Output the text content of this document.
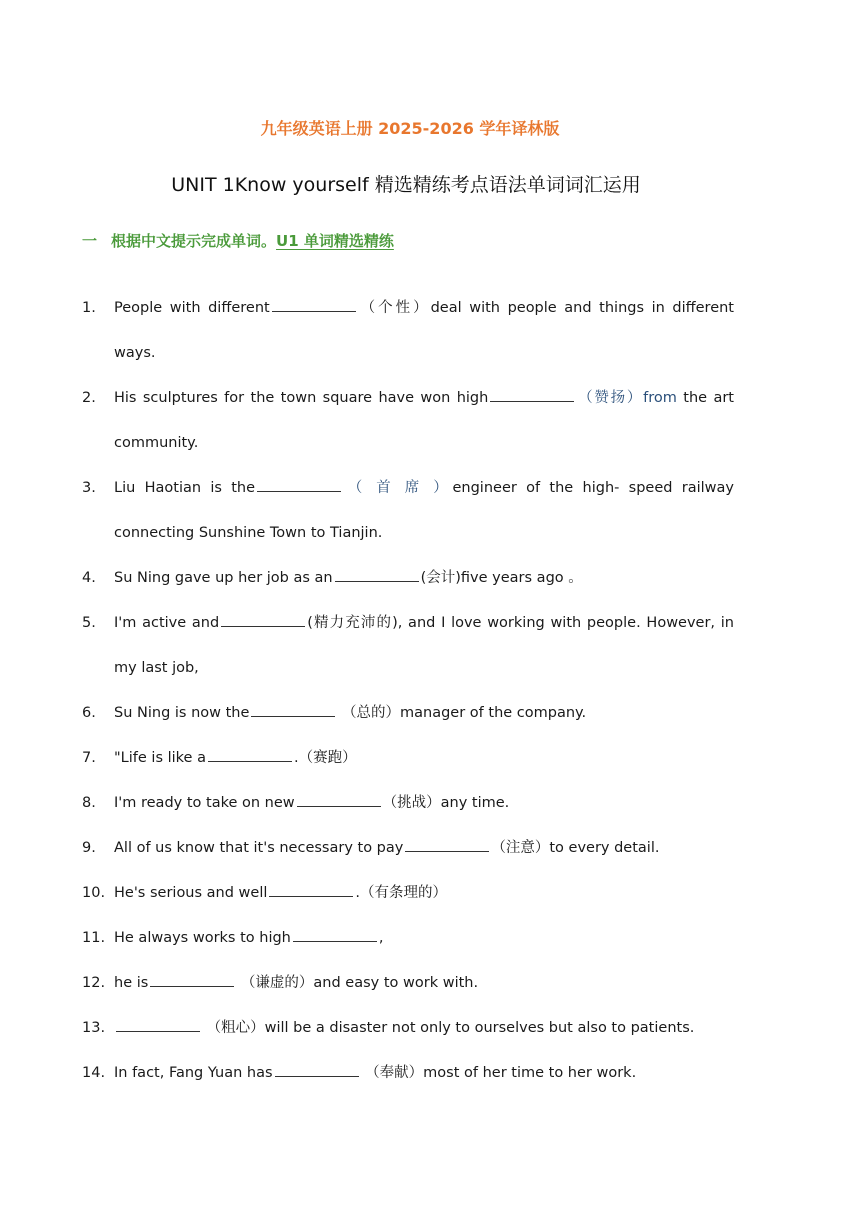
九年级英语上册 2025-2026 学年译林版
UNIT 1Know yourself 精选精练考点语法单词词汇运用
一 根据中文提示完成单词。U1 单词精选精练
1. People with different	（个性）deal with people and things in different ways.
2. His sculptures for the town square have won high	（赞扬）from the art community.
3. Liu Haotian is the	（ 首 席 ）engineer of the high- speed railway connecting Sunshine Town to Tianjin.
4. Su Ning gave up her job as an	(会计)five years ago 。
5. I'm active and	(精力充沛的), and I love working with people. However, in my last job,
6. Su Ning is now the	（总的）manager of the company.
7. "Life is like a	.（赛跑）
8. I'm ready to take on new	（挑战）any time.
9. All of us know that it's necessary to pay	（注意）to every detail.
10. He's serious and well	.（有条理的）
11. He always works to high	,
12. he is	（谦虚的）and easy to work with.
13.	（粗心）will be a disaster not only to ourselves but also to patients.
14. In fact, Fang Yuan has	（奉献）most of her time to her work.
